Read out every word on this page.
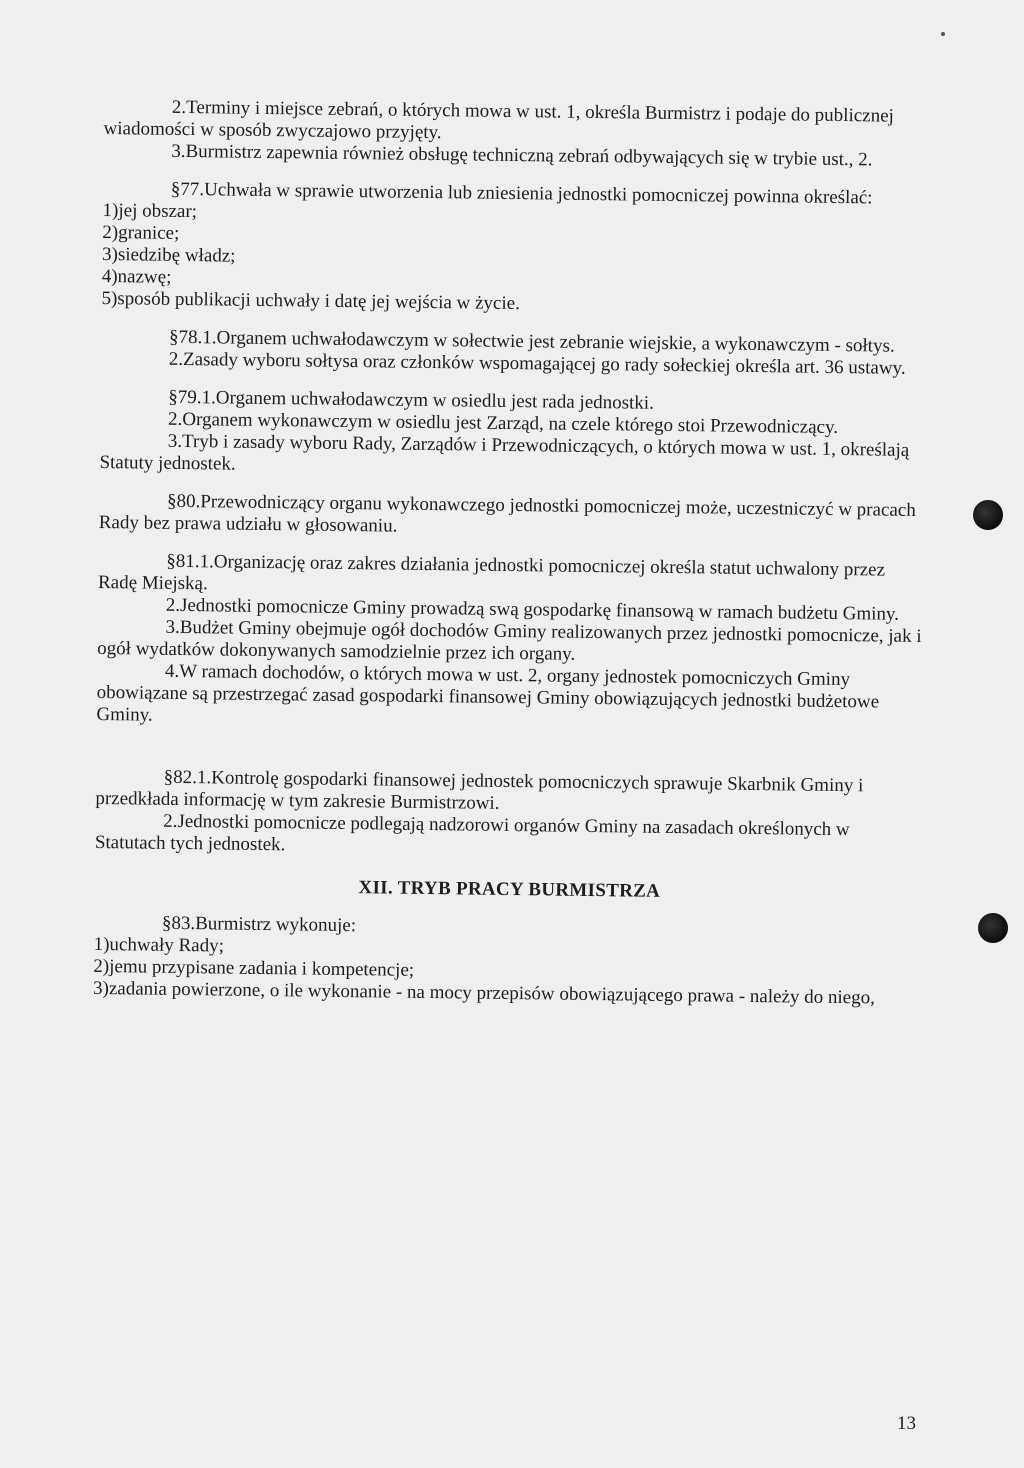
2.Terminy i miejsce zebrań, o których mowa w ust. 1, określa Burmistrz i podaje do publicznej wiadomości w sposób zwyczajowo przyjęty.

3.Burmistrz zapewnia również obsługę techniczną zebrań odbywających się w trybie ust., 2.

§77.Uchwała w sprawie utworzenia lub zniesienia jednostki pomocniczej powinna określać:

1)jej obszar;

2)granice;

3)siedzibę władz;

4)nazwę;

5)sposób publikacji uchwały i datę jej wejścia w życie.

§78.1.Organem uchwałodawczym w sołectwie jest zebranie wiejskie, a wykonawczym - sołtys.

2.Zasady wyboru sołtysa oraz członków wspomagającej go rady sołeckiej określa art. 36 ustawy.

§79.1.Organem uchwałodawczym w osiedlu jest rada jednostki.

2.Organem wykonawczym w osiedlu jest Zarząd, na czele którego stoi Przewodniczący.

3.Tryb i zasady wyboru Rady, Zarządów i Przewodniczących, o których mowa w ust. 1, określają Statuty jednostek.

§80.Przewodniczący organu wykonawczego jednostki pomocniczej może, uczestniczyć w pracach Rady bez prawa udziału w głosowaniu.

§81.1.Organizację oraz zakres działania jednostki pomocniczej określa statut uchwalony przez Radę Miejską.

2.Jednostki pomocnicze Gminy prowadzą swą gospodarkę finansową w ramach budżetu Gminy.

3.Budżet Gminy obejmuje ogół dochodów Gminy realizowanych przez jednostki pomocnicze, jak i ogół wydatków dokonywanych samodzielnie przez ich organy.

4.W ramach dochodów, o których mowa w ust. 2, organy jednostek pomocniczych Gminy obowiązane są przestrzegać zasad gospodarki finansowej Gminy obowiązujących jednostki budżetowe Gminy.

§82.1.Kontrolę gospodarki finansowej jednostek pomocniczych sprawuje Skarbnik Gminy i przedkłada informację w tym zakresie Burmistrzowi.

2.Jednostki pomocnicze podlegają nadzorowi organów Gminy na zasadach określonych w Statutach tych jednostek.

XII. TRYB PRACY BURMISTRZA

§83.Burmistrz wykonuje:

1)uchwały Rady;

2)jemu przypisane zadania i kompetencje;

3)zadania powierzone, o ile wykonanie - na mocy przepisów obowiązującego prawa - należy do niego,

13
